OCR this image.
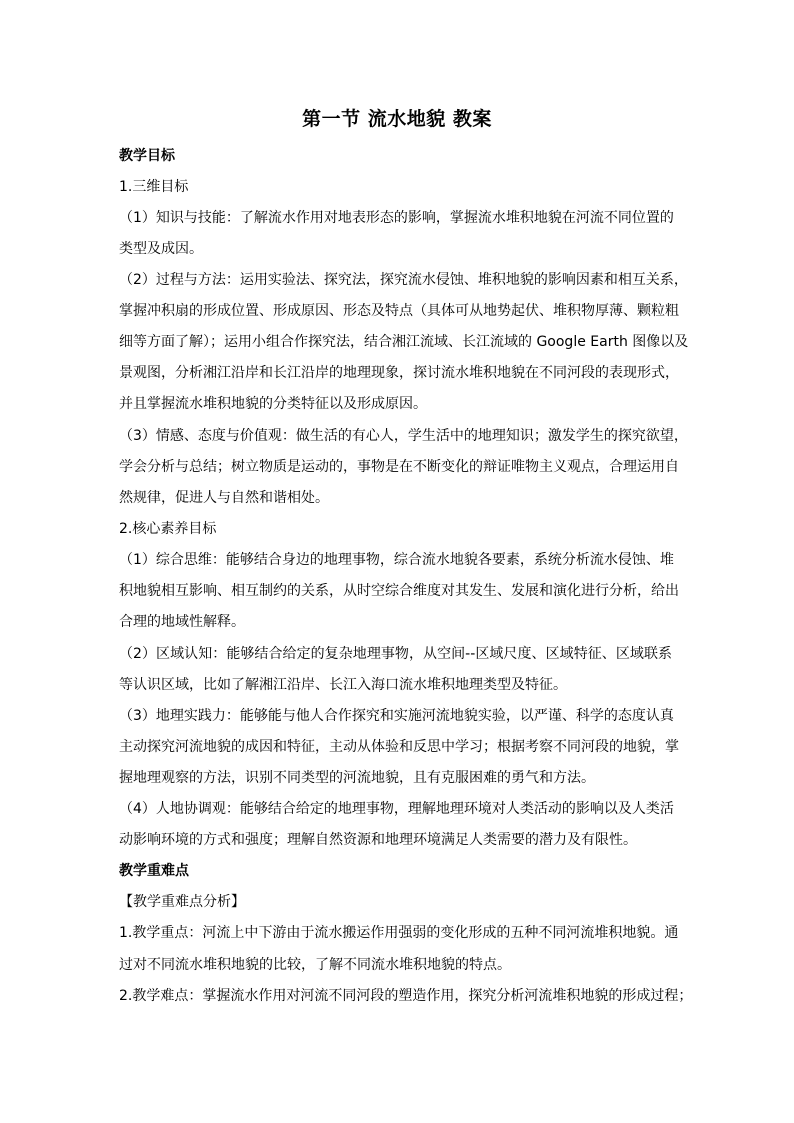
第一节 流水地貌 教案
教学目标
1.三维目标
（1）知识与技能：了解流水作用对地表形态的影响，掌握流水堆积地貌在河流不同位置的
类型及成因。
（2）过程与方法：运用实验法、探究法，探究流水侵蚀、堆积地貌的影响因素和相互关系，
掌握冲积扇的形成位置、形成原因、形态及特点（具体可从地势起伏、堆积物厚薄、颗粒粗
细等方面了解）；运用小组合作探究法，结合湘江流域、长江流域的 Google Earth 图像以及
景观图，分析湘江沿岸和长江沿岸的地理现象，探讨流水堆积地貌在不同河段的表现形式，
并且掌握流水堆积地貌的分类特征以及形成原因。
（3）情感、态度与价值观：做生活的有心人，学生活中的地理知识；激发学生的探究欲望，
学会分析与总结；树立物质是运动的，事物是在不断变化的辩证唯物主义观点，合理运用自
然规律，促进人与自然和谐相处。
2.核心素养目标
（1）综合思维：能够结合身边的地理事物，综合流水地貌各要素，系统分析流水侵蚀、堆
积地貌相互影响、相互制约的关系，从时空综合维度对其发生、发展和演化进行分析，给出
合理的地域性解释。
（2）区域认知：能够结合给定的复杂地理事物，从空间--区域尺度、区域特征、区域联系
等认识区域，比如了解湘江沿岸、长江入海口流水堆积地理类型及特征。
（3）地理实践力：能够能与他人合作探究和实施河流地貌实验，以严谨、科学的态度认真
主动探究河流地貌的成因和特征，主动从体验和反思中学习；根据考察不同河段的地貌，掌
握地理观察的方法，识别不同类型的河流地貌，且有克服困难的勇气和方法。
（4）人地协调观：能够结合给定的地理事物，理解地理环境对人类活动的影响以及人类活
动影响环境的方式和强度；理解自然资源和地理环境满足人类需要的潜力及有限性。
教学重难点
【教学重难点分析】
1.教学重点：河流上中下游由于流水搬运作用强弱的变化形成的五种不同河流堆积地貌。通
过对不同流水堆积地貌的比较，了解不同流水堆积地貌的特点。
2.教学难点：掌握流水作用对河流不同河段的塑造作用，探究分析河流堆积地貌的形成过程；
